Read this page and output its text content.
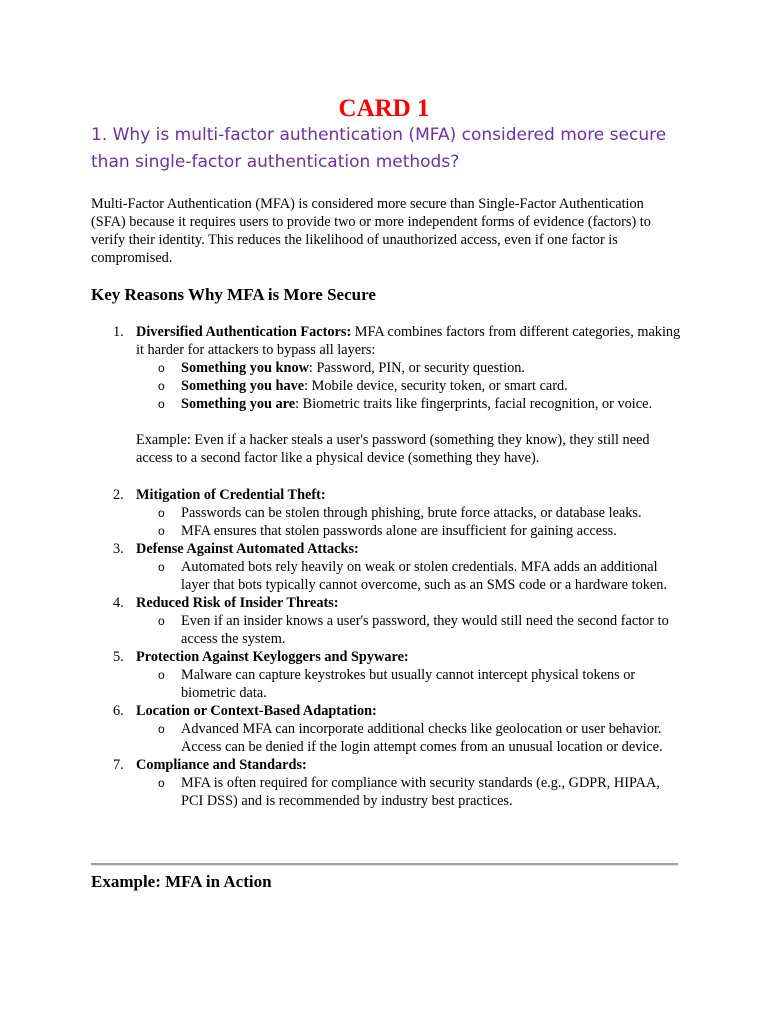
CARD 1
1. Why is multi-factor authentication (MFA) considered more secure than single-factor authentication methods?

Multi-Factor Authentication (MFA) is considered more secure than Single-Factor Authentication (SFA) because it requires users to provide two or more independent forms of evidence (factors) to verify their identity. This reduces the likelihood of unauthorized access, even if one factor is compromised.

Key Reasons Why MFA is More Secure
1. Diversified Authentication Factors: MFA combines factors from different categories, making it harder for attackers to bypass all layers:
o Something you know: Password, PIN, or security question.
o Something you have: Mobile device, security token, or smart card.
o Something you are: Biometric traits like fingerprints, facial recognition, or voice.
Example: Even if a hacker steals a user's password (something they know), they still need access to a second factor like a physical device (something they have).
2. Mitigation of Credential Theft:
o Passwords can be stolen through phishing, brute force attacks, or database leaks.
o MFA ensures that stolen passwords alone are insufficient for gaining access.
3. Defense Against Automated Attacks:
o Automated bots rely heavily on weak or stolen credentials. MFA adds an additional layer that bots typically cannot overcome, such as an SMS code or a hardware token.
4. Reduced Risk of Insider Threats:
o Even if an insider knows a user's password, they would still need the second factor to access the system.
5. Protection Against Keyloggers and Spyware:
o Malware can capture keystrokes but usually cannot intercept physical tokens or biometric data.
6. Location or Context-Based Adaptation:
o Advanced MFA can incorporate additional checks like geolocation or user behavior. Access can be denied if the login attempt comes from an unusual location or device.
7. Compliance and Standards:
o MFA is often required for compliance with security standards (e.g., GDPR, HIPAA, PCI DSS) and is recommended by industry best practices.
Example: MFA in Action
